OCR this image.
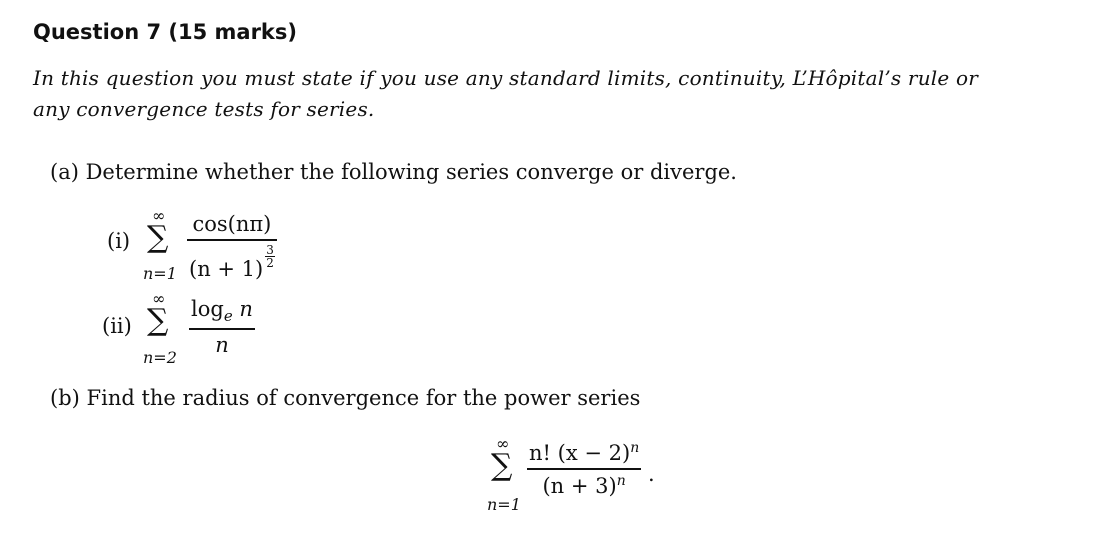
Question 7 (15 marks)
In this question you must state if you use any standard limits, continuity, L’Hôpital’s rule or
any convergence tests for series.
(a) Determine whether the following series converge or diverge.
(i)
∞
∑
n=1
cos(nπ)
$(n + 1) \frac{3}{2}$
(ii)
∞
∑
n=2
$\log_e n$
n
(b) Find the radius of convergence for the power series
∞
∑
n=1
n! $(x - 2)^n$
$(n + 3)^n$	.
